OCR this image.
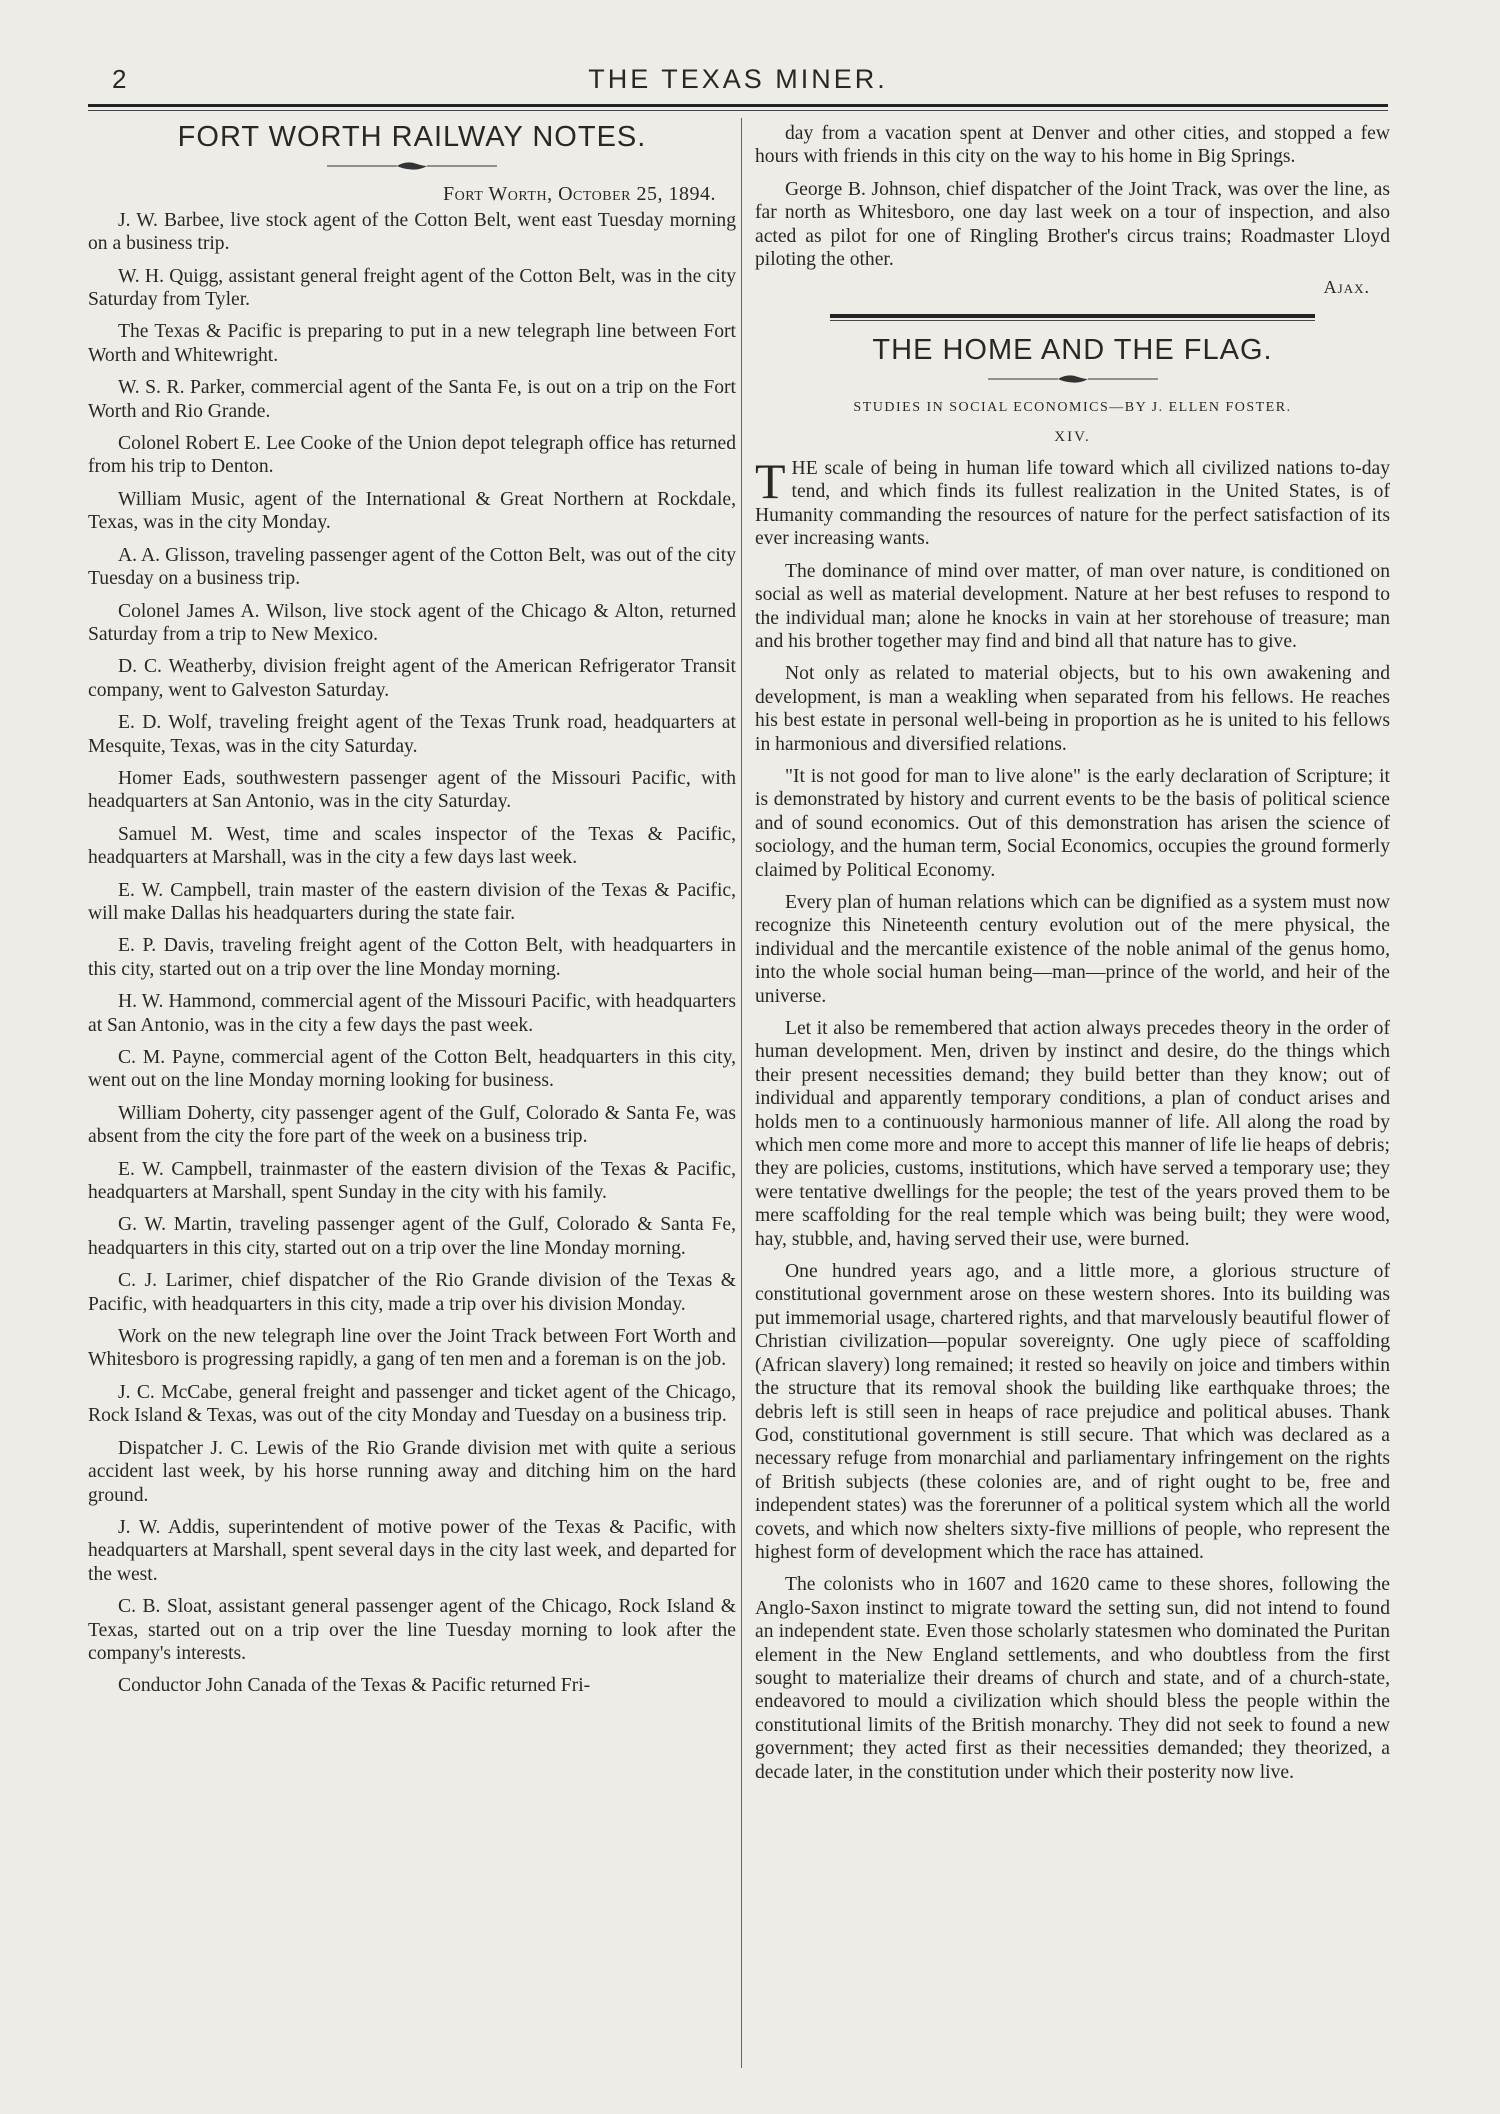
2	THE TEXAS MINER.
FORT WORTH RAILWAY NOTES.
Fort Worth, October 25, 1894.

J. W. Barbee, live stock agent of the Cotton Belt, went east Tuesday morning on a business trip.

W. H. Quigg, assistant general freight agent of the Cotton Belt, was in the city Saturday from Tyler.

The Texas & Pacific is preparing to put in a new telegraph line between Fort Worth and Whitewright.

W. S. R. Parker, commercial agent of the Santa Fe, is out on a trip on the Fort Worth and Rio Grande.

Colonel Robert E. Lee Cooke of the Union depot telegraph office has returned from his trip to Denton.

William Music, agent of the International & Great Northern at Rockdale, Texas, was in the city Monday.

A. A. Glisson, traveling passenger agent of the Cotton Belt, was out of the city Tuesday on a business trip.

Colonel James A. Wilson, live stock agent of the Chicago & Alton, returned Saturday from a trip to New Mexico.

D. C. Weatherby, division freight agent of the American Refrigerator Transit company, went to Galveston Saturday.

E. D. Wolf, traveling freight agent of the Texas Trunk road, headquarters at Mesquite, Texas, was in the city Saturday.

Homer Eads, southwestern passenger agent of the Missouri Pacific, with headquarters at San Antonio, was in the city Saturday.

Samuel M. West, time and scales inspector of the Texas & Pacific, headquarters at Marshall, was in the city a few days last week.

E. W. Campbell, train master of the eastern division of the Texas & Pacific, will make Dallas his headquarters during the state fair.

E. P. Davis, traveling freight agent of the Cotton Belt, with headquarters in this city, started out on a trip over the line Monday morning.

H. W. Hammond, commercial agent of the Missouri Pacific, with headquarters at San Antonio, was in the city a few days the past week.

C. M. Payne, commercial agent of the Cotton Belt, headquarters in this city, went out on the line Monday morning looking for business.

William Doherty, city passenger agent of the Gulf, Colorado & Santa Fe, was absent from the city the fore part of the week on a business trip.

E. W. Campbell, trainmaster of the eastern division of the Texas & Pacific, headquarters at Marshall, spent Sunday in the city with his family.

G. W. Martin, traveling passenger agent of the Gulf, Colorado & Santa Fe, headquarters in this city, started out on a trip over the line Monday morning.

C. J. Larimer, chief dispatcher of the Rio Grande division of the Texas & Pacific, with headquarters in this city, made a trip over his division Monday.

Work on the new telegraph line over the Joint Track between Fort Worth and Whitesboro is progressing rapidly, a gang of ten men and a foreman is on the job.

J. C. McCabe, general freight and passenger and ticket agent of the Chicago, Rock Island & Texas, was out of the city Monday and Tuesday on a business trip.

Dispatcher J. C. Lewis of the Rio Grande division met with quite a serious accident last week, by his horse running away and ditching him on the hard ground.

J. W. Addis, superintendent of motive power of the Texas & Pacific, with headquarters at Marshall, spent several days in the city last week, and departed for the west.

C. B. Sloat, assistant general passenger agent of the Chicago, Rock Island & Texas, started out on a trip over the line Tuesday morning to look after the company's interests.

Conductor John Canada of the Texas & Pacific returned Fri-

day from a vacation spent at Denver and other cities, and stopped a few hours with friends in this city on the way to his home in Big Springs.

George B. Johnson, chief dispatcher of the Joint Track, was over the line, as far north as Whitesboro, one day last week on a tour of inspection, and also acted as pilot for one of Ringling Brother's circus trains; Roadmaster Lloyd piloting the other.

Ajax.
THE HOME AND THE FLAG.
STUDIES IN SOCIAL ECONOMICS—BY J. ELLEN FOSTER.
XIV.

THE scale of being in human life toward which all civilized nations to-day tend, and which finds its fullest realization in the United States, is of Humanity commanding the resources of nature for the perfect satisfaction of its ever increasing wants.

The dominance of mind over matter, of man over nature, is conditioned on social as well as material development. Nature at her best refuses to respond to the individual man; alone he knocks in vain at her storehouse of treasure; man and his brother together may find and bind all that nature has to give.

Not only as related to material objects, but to his own awakening and development, is man a weakling when separated from his fellows. He reaches his best estate in personal well-being in proportion as he is united to his fellows in harmonious and diversified relations.

"It is not good for man to live alone" is the early declaration of Scripture; it is demonstrated by history and current events to be the basis of political science and of sound economics. Out of this demonstration has arisen the science of sociology, and the human term, Social Economics, occupies the ground formerly claimed by Political Economy.

Every plan of human relations which can be dignified as a system must now recognize this Nineteenth century evolution out of the mere physical, the individual and the mercantile existence of the noble animal of the genus homo, into the whole social human being—man—prince of the world, and heir of the universe.

Let it also be remembered that action always precedes theory in the order of human development. Men, driven by instinct and desire, do the things which their present necessities demand; they build better than they know; out of individual and apparently temporary conditions, a plan of conduct arises and holds men to a continuously harmonious manner of life. All along the road by which men come more and more to accept this manner of life lie heaps of debris; they are policies, customs, institutions, which have served a temporary use; they were tentative dwellings for the people; the test of the years proved them to be mere scaffolding for the real temple which was being built; they were wood, hay, stubble, and, having served their use, were burned.

One hundred years ago, and a little more, a glorious structure of constitutional government arose on these western shores. Into its building was put immemorial usage, chartered rights, and that marvelously beautiful flower of Christian civilization—popular sovereignty. One ugly piece of scaffolding (African slavery) long remained; it rested so heavily on joice and timbers within the structure that its removal shook the building like earthquake throes; the debris left is still seen in heaps of race prejudice and political abuses. Thank God, constitutional government is still secure. That which was declared as a necessary refuge from monarchial and parliamentary infringement on the rights of British subjects (these colonies are, and of right ought to be, free and independent states) was the forerunner of a political system which all the world covets, and which now shelters sixty-five millions of people, who represent the highest form of development which the race has attained.

The colonists who in 1607 and 1620 came to these shores, following the Anglo-Saxon instinct to migrate toward the setting sun, did not intend to found an independent state. Even those scholarly statesmen who dominated the Puritan element in the New England settlements, and who doubtless from the first sought to materialize their dreams of church and state, and of a church-state, endeavored to mould a civilization which should bless the people within the constitutional limits of the British monarchy. They did not seek to found a new government; they acted first as their necessities demanded; they theorized, a decade later, in the constitution under which their posterity now live.
